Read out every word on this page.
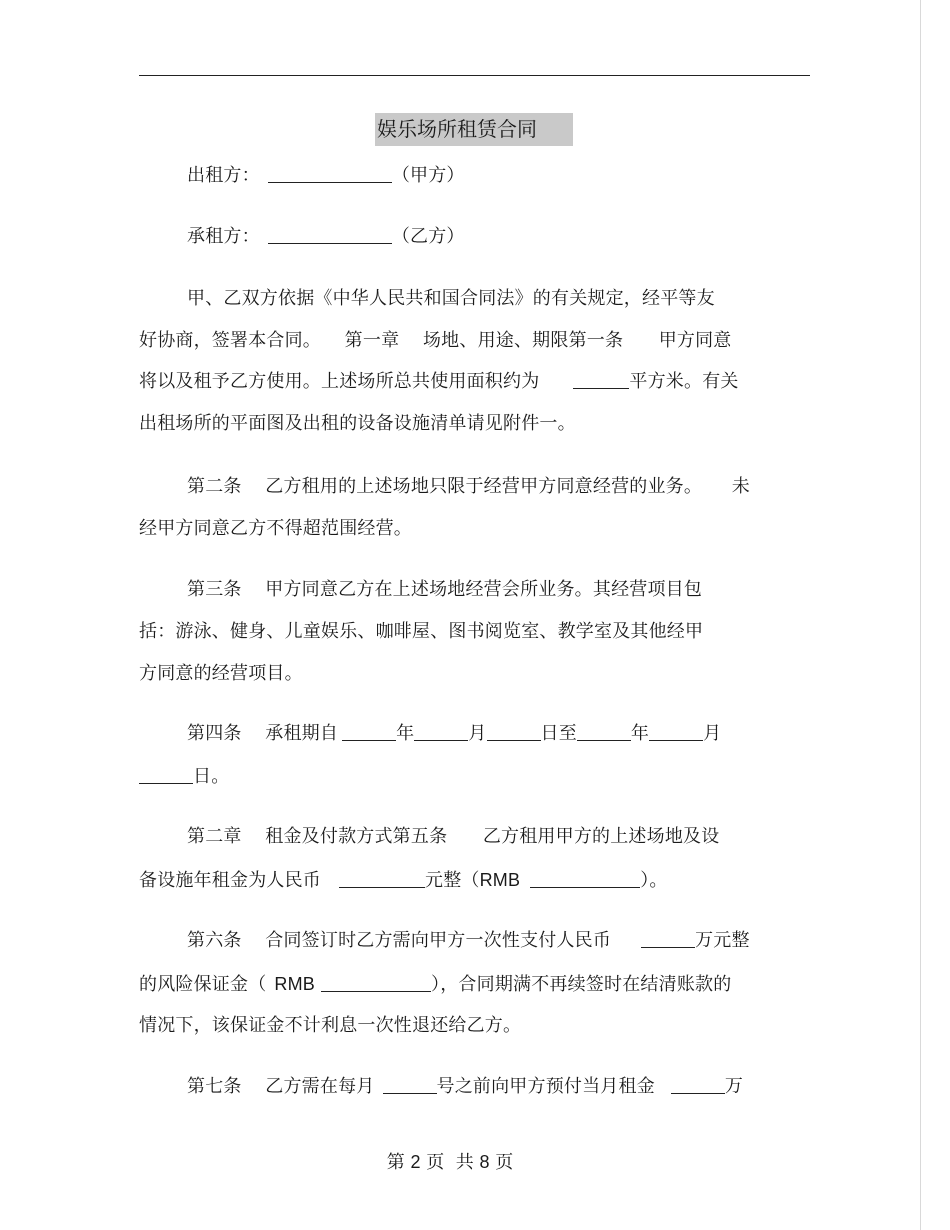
娱乐场所租赁合同
出租方：	（甲方）
承租方：	（乙方）
甲、乙双方依据《中华人民共和国合同法》的有关规定，经平等友
好协商，签署本合同。    第一章    场地、用途、期限第一条      甲方同意
将以及租予乙方使用。上述场所总共使用面积约为	平方米。有关
出租场所的平面图及出租的设备设施清单请见附件一。
第二条    乙方租用的上述场地只限于经营甲方同意经营的业务。     未
经甲方同意乙方不得超范围经营。
第三条    甲方同意乙方在上述场地经营会所业务。其经营项目包
括：游泳、健身、儿童娱乐、咖啡屋、图书阅览室、教学室及其他经甲
方同意的经营项目。
第四条    承租期自	年	月	日至	年	月
日。
第二章    租金及付款方式第五条      乙方租用甲方的上述场地及设
备设施年租金为人民币	元整（RMB	）。
第六条    合同签订时乙方需向甲方一次性支付人民币	万元整
的风险保证金（ RMB	），合同期满不再续签时在结清账款的
情况下，该保证金不计利息一次性退还给乙方。
第七条    乙方需在每月	号之前向甲方预付当月租金	万
第 2 页  共 8 页
